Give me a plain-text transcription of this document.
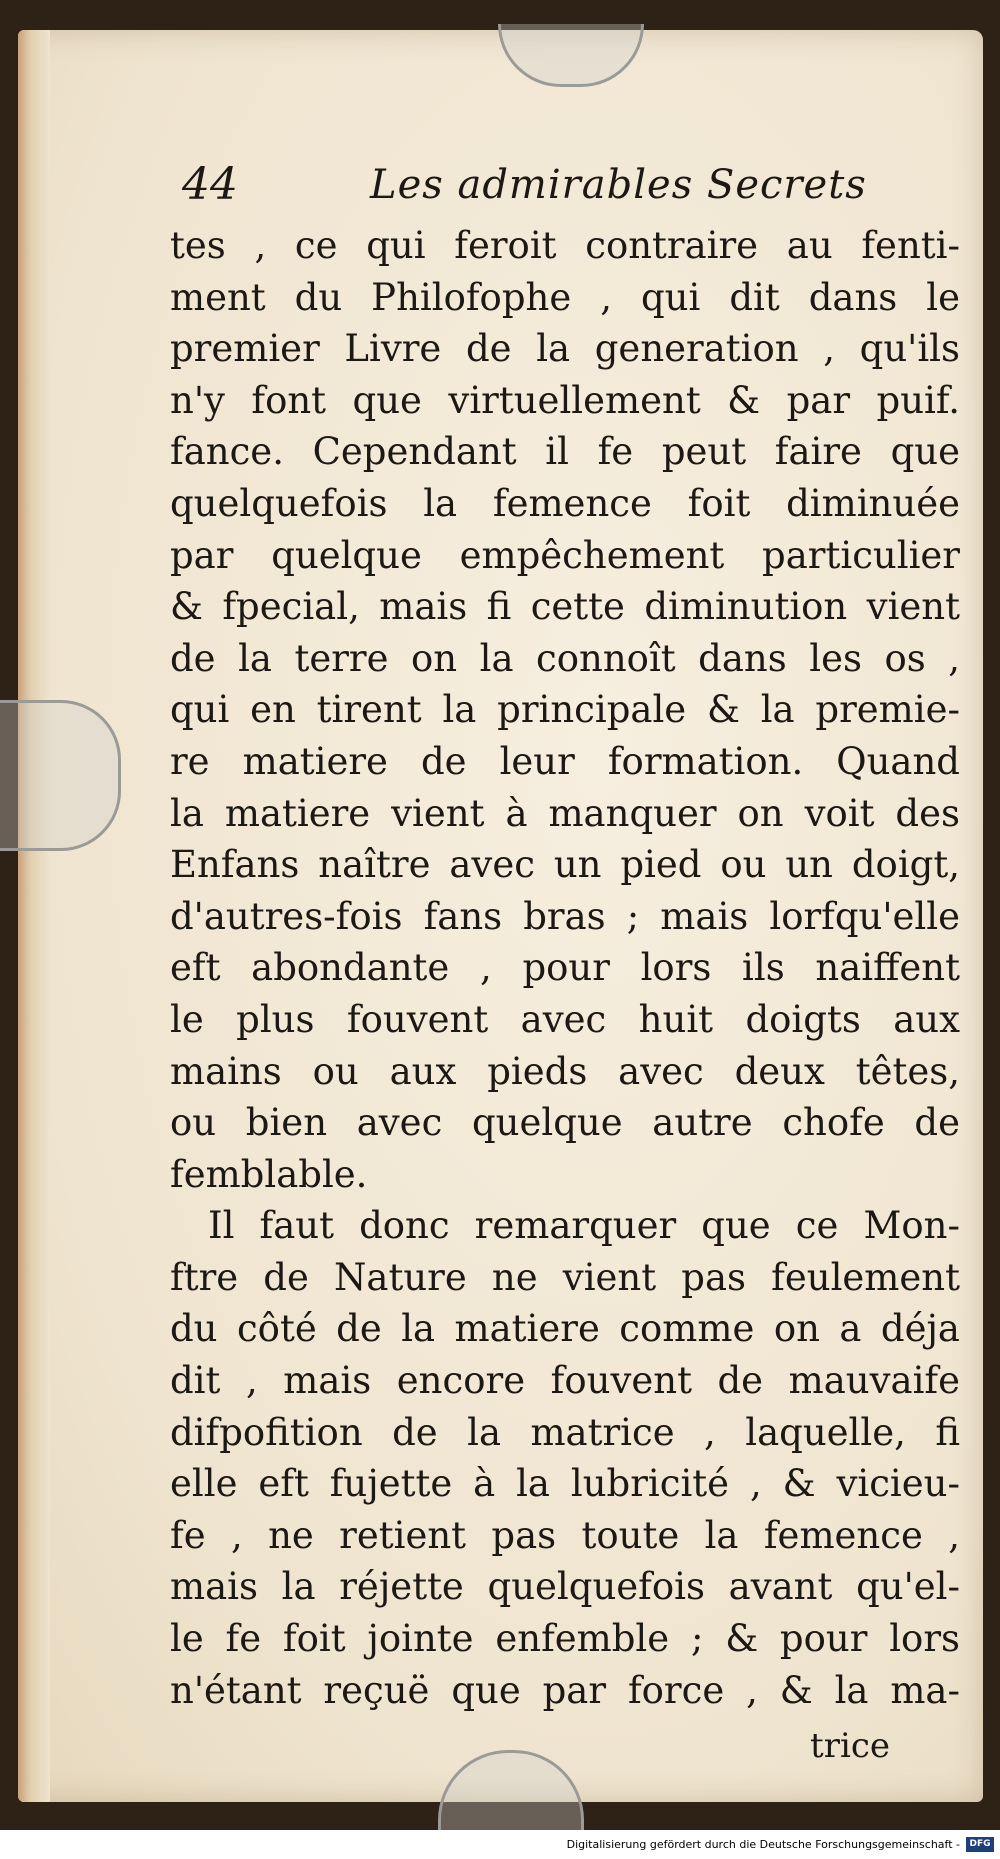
44	Les admirables Secrets
tes , ce qui feroit contraire au fenti-
ment du Philofophe , qui dit dans le
premier Livre de la generation , qu'ils
n'y font que virtuellement & par puif.
fance. Cependant il fe peut faire que
quelquefois la femence foit diminuée
par quelque empêchement particulier
& fpecial, mais fi cette diminution vient
de la terre on la connoît dans les os ,
qui en tirent la principale & la premie-
re matiere de leur formation. Quand
la matiere vient à manquer on voit des
Enfans naître avec un pied ou un doigt,
d'autres-fois fans bras ; mais lorfqu'elle
eft abondante , pour lors ils naiffent
le plus fouvent avec huit doigts aux
mains ou aux pieds avec deux têtes,
ou bien avec quelque autre chofe de
femblable.
Il faut donc remarquer que ce Mon-
ftre de Nature ne vient pas feulement
du côté de la matiere comme on a déja
dit , mais encore fouvent de mauvaife
difpofition de la matrice , laquelle, fi
elle eft fujette à la lubricité , & vicieu-
fe , ne retient pas toute la femence ,
mais la réjette quelquefois avant qu'el-
le fe foit jointe enfemble ; & pour lors
n'étant reçuë que par force , & la ma-
trice
Digitalisierung gefördert durch die Deutsche Forschungsgemeinschaft -	DFG
